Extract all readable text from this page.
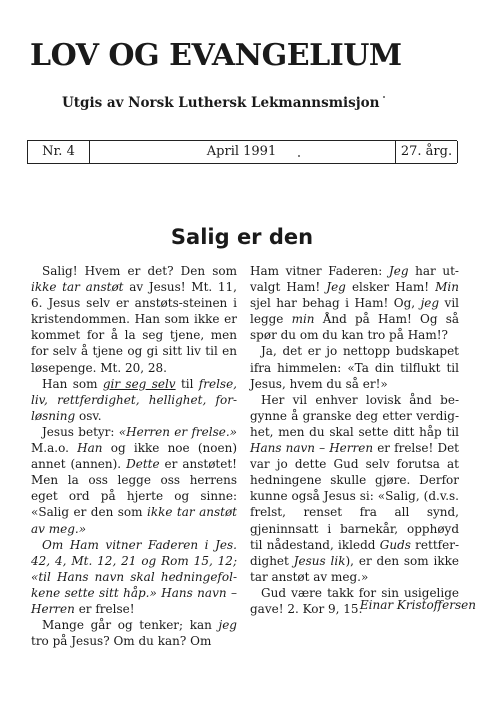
LOV OG EVANGELIUM
Utgis av Norsk Luthersk Lekmannsmisjon
Nr. 4	April 1991	27. årg.
Salig er den

Salig! Hvem er det? Den som ikke tar anstøt av Jesus! Mt. 11, 6. Jesus selv er anstøts-steinen i kristendommen. Han som ikke er kommet for å la seg tjene, men for selv å tjene og gi sitt liv til en løsepenge. Mt. 20, 28.

Han som gir seg selv til frelse, liv, rettferdighet, hellighet, forløsning osv.

Jesus betyr: «Herren er frelse.» M.a.o. Han og ikke noe (noen) annet (annen). Dette er anstøtet! Men la oss legge oss herrens eget ord på hjerte og sinne: «Salig er den som ikke tar anstøt av meg.»

Om Ham vitner Faderen i Jes. 42, 4, Mt. 12, 21 og Rom 15, 12; «til Hans navn skal hedningefolkene sette sitt håp.» Hans navn – Herren er frelse!

Mange går og tenker; kan jeg tro på Jesus? Om du kan? Om

Ham vitner Faderen: Jeg har utvalgt Ham! Jeg elsker Ham! Min sjel har behag i Ham! Og, jeg vil legge min Ånd på Ham! Og så spør du om du kan tro på Ham!?

Ja, det er jo nettopp budskapet ifra himmelen: «Ta din tilflukt til Jesus, hvem du så er!»

Her vil enhver lovisk ånd begynne å granske deg etter verdighet, men du skal sette ditt håp til Hans navn – Herren er frelse! Det var jo dette Gud selv forutsa at hedningene skulle gjøre. Derfor kunne også Jesus si: «Salig, (d.v.s. frelst, renset fra all synd, gjeninnsatt i barnekår, opphøyd til nådestand, ikledd Guds rettferdighet Jesus lik), er den som ikke tar anstøt av meg.»

Gud være takk for sin usigelige gave! 2. Kor 9, 15.

Einar Kristoffersen
